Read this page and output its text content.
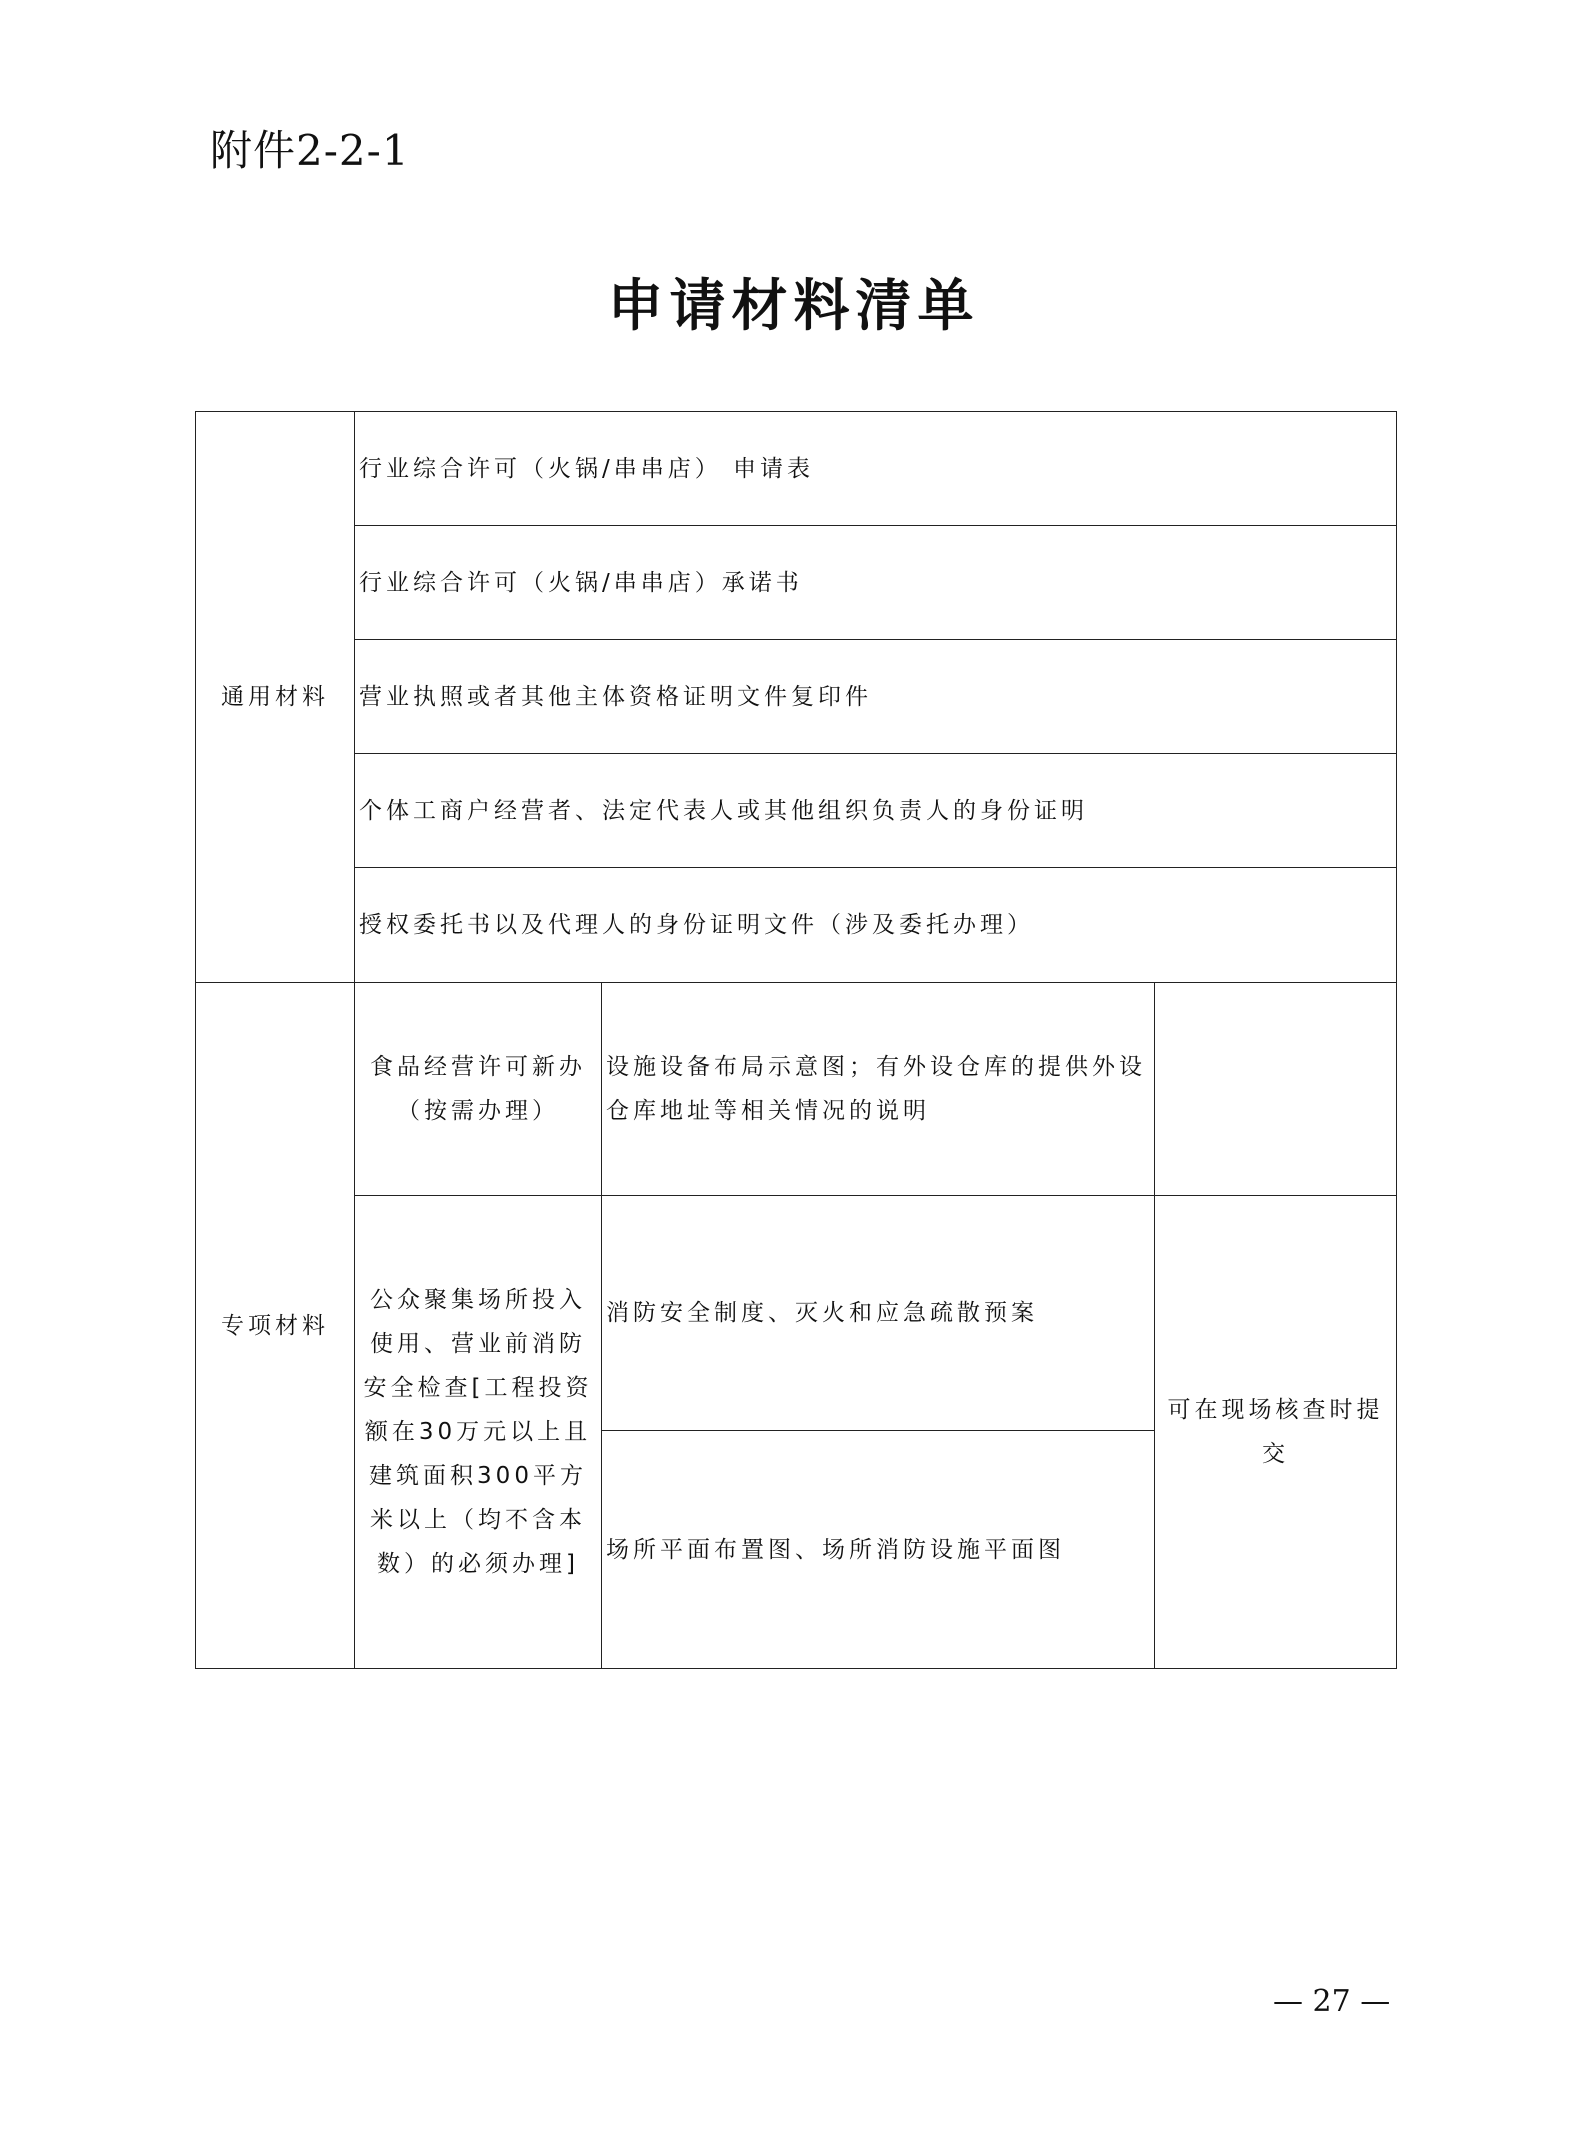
附件2-2-1
申请材料清单
通用材料	行业综合许可（火锅/串串店） 申请表		
	行业综合许可（火锅/串串店）承诺书		
	营业执照或者其他主体资格证明文件复印件		
	个体工商户经营者、法定代表人或其他组织负责人的身份证明		
	授权委托书以及代理人的身份证明文件（涉及委托办理）		
专项材料	食品经营许可新办（按需办理）	设施设备布局示意图；有外设仓库的提供外设仓库地址等相关情况的说明	
	公众聚集场所投入使用、营业前消防安全检查[工程投资额在30万元以上且建筑面积300平方米以上（均不含本数）的必须办理]	消防安全制度、灭火和应急疏散预案	可在现场核查时提交
		场所平面布置图、场所消防设施平面图	
— 27 —
